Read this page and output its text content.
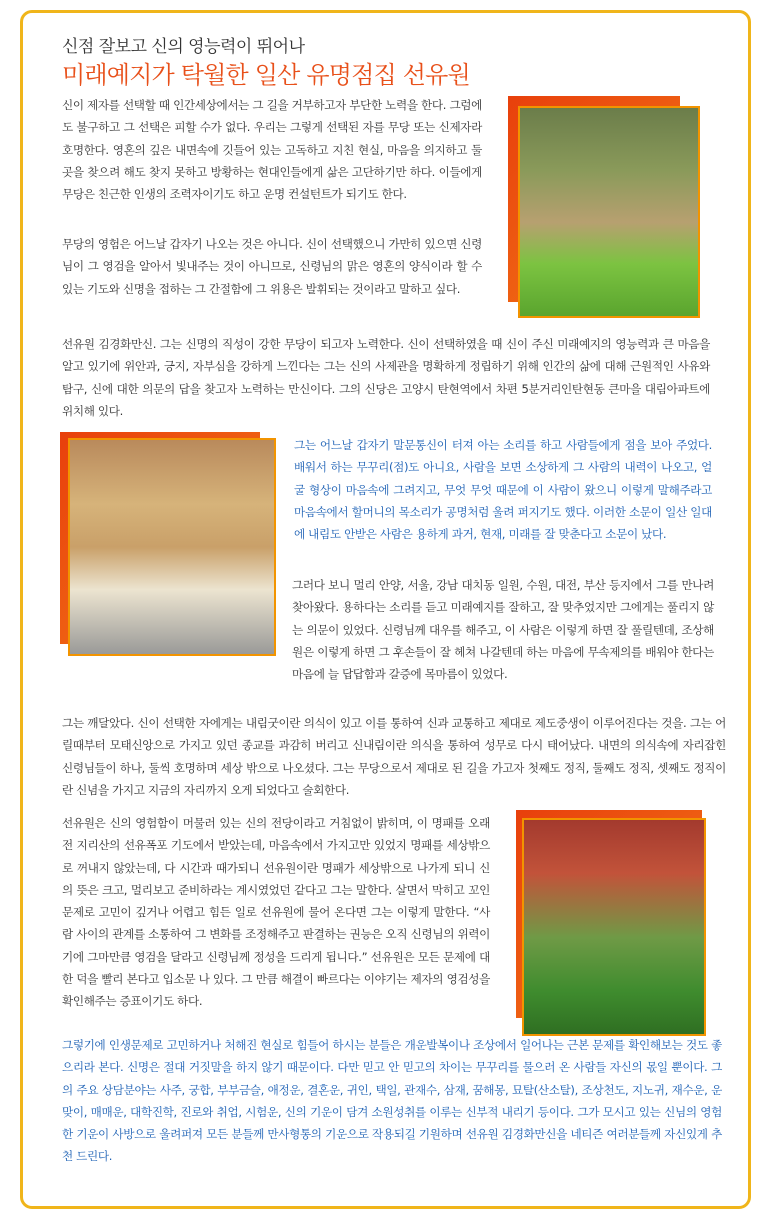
신점 잘보고 신의 영능력이 뛰어나
미래예지가 탁월한 일산 유명점집 선유원

신이 제자를 선택할 때 인간세상에서는 그 길을 거부하고자 부단한 노력을 한다. 그럼에도 불구하고 그 선택은 피할 수가 없다. 우리는 그렇게 선택된 자를 무당 또는 신제자라 호명한다. 영혼의 깊은 내면속에 깃들어 있는 고독하고 지친 현실, 마음을 의지하고 둘 곳을 찾으려 해도 찾지 못하고 방황하는 현대인들에게 삶은 고단하기만 하다. 이들에게 무당은 친근한 인생의 조력자이기도 하고 운명 컨설턴트가 되기도 한다.

무당의 영험은 어느날 갑자기 나오는 것은 아니다. 신이 선택했으니 가만히 있으면 신령님이 그 영검을 알아서 빛내주는 것이 아니므로, 신령님의 맑은 영혼의 양식이라 할 수 있는 기도와 신명을 접하는 그 간절함에 그 위용은 발휘되는 것이라고 말하고 싶다.

선유원 김경화만신. 그는 신명의 직성이 강한 무당이 되고자 노력한다. 신이 선택하였을 때 신이 주신 미래예지의 영능력과 큰 마음을 알고 있기에 위안과, 긍지, 자부심을 강하게 느낀다는 그는 신의 사제관을 명확하게 정립하기 위해 인간의 삶에 대해 근원적인 사유와 탐구, 신에 대한 의문의 답을 찾고자 노력하는 만신이다. 그의 신당은 고양시 탄현역에서 차편 5분거리인탄현동 큰마을 대림아파트에 위치해 있다.

그는 어느날 갑자기 말문통신이 터져 아는 소리를 하고 사람들에게 점을 보아 주었다. 배워서 하는 무꾸리(점)도 아니요, 사람을 보면 소상하게 그 사람의 내력이 나오고, 얼굴 형상이 마음속에 그려지고, 무엇 무엇 때문에 이 사람이 왔으니 이렇게 말해주라고 마음속에서 할머니의 목소리가 공명처럼 울려 퍼지기도 했다. 이러한 소문이 일산 일대에 내림도 안받은 사람은 용하게 과거, 현재, 미래를 잘 맞춘다고 소문이 났다.

그러다 보니 멀리 안양, 서울, 강남 대치동 일원, 수원, 대전, 부산 등지에서 그를 만나려 찾아왔다. 용하다는 소리를 듣고 미래예지를 잘하고, 잘 맞추었지만 그에게는 풀리지 않는 의문이 있었다. 신령님께 대우를 해주고, 이 사람은 이렇게 하면 잘 풀릴텐데, 조상해원은 이렇게 하면 그 후손들이 잘 헤쳐 나갈텐데 하는 마음에 무속제의를 배워야 한다는 마음에 늘 답답함과 갈증에 목마름이 있었다.

그는 깨달았다. 신이 선택한 자에게는 내림굿이란 의식이 있고 이를 통하여 신과 교통하고 제대로 제도중생이 이루어진다는 것을. 그는 어릴때부터 모태신앙으로 가지고 있던 종교를 과감히 버리고 신내림이란 의식을 통하여 성무로 다시 태어났다. 내면의 의식속에 자리잡힌 신령님들이 하나, 둘씩 호명하며 세상 밖으로 나오셨다. 그는 무당으로서 제대로 된 길을 가고자 첫째도 정직, 둘째도 정직, 셋째도 정직이란 신념을 가지고 지금의 자리까지 오게 되었다고 술회한다.

선유원은 신의 영험함이 머물러 있는 신의 전당이라고 거침없이 밝히며, 이 명패를 오래전 지리산의 선유폭포 기도에서 받았는데, 마음속에서 가지고만 있었지 명패를 세상밖으로 꺼내지 않았는데, 다 시간과 때가되니 선유원이란 명패가 세상밖으로 나가게 되니 신의 뜻은 크고, 멀리보고 준비하라는 계시였었던 같다고 그는 말한다. 살면서 막히고 꼬인 문제로 고민이 깊거나 어렵고 힘든 일로 선유원에 물어 온다면 그는 이렇게 말한다. “사람 사이의 관계를 소통하여 그 변화를 조정해주고 판결하는 권능은 오직 신령님의 위력이기에 그마만큼 영검을 달라고 신령님께 정성을 드리게 됩니다.” 선유원은 모든 문제에 대한 덕을 빨리 본다고 입소문 나 있다. 그 만큼 해결이 빠르다는 이야기는 제자의 영검성을 확인해주는 증표이기도 하다.

그렇기에 인생문제로 고민하거나 처해진 현실로 힘들어 하시는 분들은 개운발복이나 조상에서 일어나는 근본 문제를 확인해보는 것도 좋으리라 본다. 신명은 절대 거짓말을 하지 않기 때문이다. 다만 믿고 안 믿고의 차이는 무꾸리를 물으러 온 사람들 자신의 몫일 뿐이다. 그의 주요 상담분야는 사주, 궁합, 부부금슬, 애정운, 결혼운, 귀인, 택일, 관재수, 삼재, 꿈해몽, 묘탈(산소탈), 조상천도, 지노귀, 재수운, 운맞이, 매매운, 대학진학, 진로와 취업, 시험운, 신의 기운이 담겨 소원성취를 이루는 신부적 내리기 등이다. 그가 모시고 있는 신님의 영험한 기운이 사방으로 울려퍼져 모든 분들께 만사형통의 기운으로 작용되길 기원하며 선유원 김경화만신을 네티즌 여러분들께 자신있게 추천 드린다.
